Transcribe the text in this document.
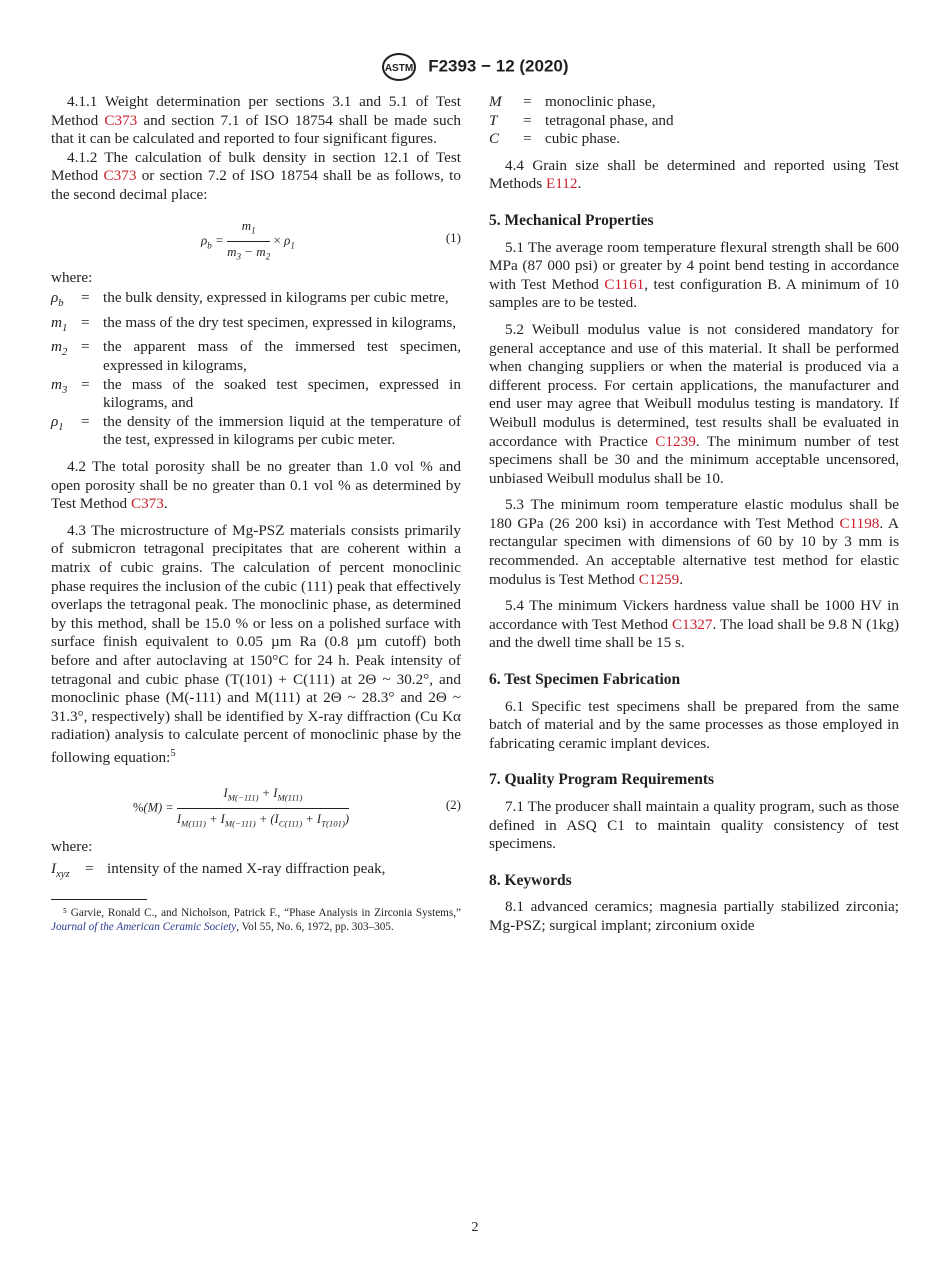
ASTM F2393 − 12 (2020)

4.1.1 Weight determination per sections 3.1 and 5.1 of Test Method C373 and section 7.1 of ISO 18754 shall be made such that it can be calculated and reported to four significant figures.

4.1.2 The calculation of bulk density in section 12.1 of Test Method C373 or section 7.2 of ISO 18754 shall be as follows, to the second decimal place:

$\rho_b = \frac{m_1}{m_3 - m_2} \times \rho_1$
(1)

where:

$\rho_b$	= the bulk density, expressed in kilograms per cubic metre,
$m_1$ = the mass of the dry test specimen, expressed in kilograms,
$m_2$ = the apparent mass of the immersed test specimen, expressed in kilograms,
$m_3$ = the mass of the soaked test specimen, expressed in kilograms, and
$\rho_1$	= the density of the immersion liquid at the temperature of the test, expressed in kilograms per cubic meter.

4.2 The total porosity shall be no greater than 1.0 vol % and open porosity shall be no greater than 0.1 vol % as determined by Test Method C373.

4.3 The microstructure of Mg-PSZ materials consists primarily of submicron tetragonal precipitates that are coherent within a matrix of cubic grains. The calculation of percent monoclinic phase requires the inclusion of the cubic (111) peak that effectively overlaps the tetragonal peak. The monoclinic phase, as determined by this method, shall be 15.0 % or less on a polished surface with surface finish equivalent to 0.05 µm Ra (0.8 µm cutoff) both before and after autoclaving at 150°C for 24 h. Peak intensity of tetragonal and cubic phase (T(101) + C(111) at 2Θ ~ 30.2°, and monoclinic phase (M(-111) and M(111) at 2Θ ~ 28.3° and 2Θ ~ 31.3°, respectively) shall be identified by X-ray diffraction (Cu Kα radiation) analysis to calculate percent of monoclinic phase by the following equation:$^5$

$\%(M) = \frac{I_{M(-111)} + I_{M(111)}}{I_{M(111)} + I_{M(-111)} + (I_{C(111)} + I_{T(101)})}$	(2)

where:

$I_{xyz}$	= intensity of the named X-ray diffraction peak,

⁵ Garvie, Ronald C., and Nicholson, Patrick F., “Phase Analysis in Zirconia Systems,” Journal of the American Ceramic Society, Vol 55, No. 6, 1972, pp. 303–305.

M	= monoclinic phase,
T	= tetragonal phase, and
C	= cubic phase.

4.4 Grain size shall be determined and reported using Test Methods E112.

5. Mechanical Properties

5.1 The average room temperature flexural strength shall be 600 MPa (87 000 psi) or greater by 4 point bend testing in accordance with Test Method C1161, test configuration B. A minimum of 10 samples are to be tested.

5.2 Weibull modulus value is not considered mandatory for general acceptance and use of this material. It shall be performed when changing suppliers or when the material is produced via a different process. For certain applications, the manufacturer and end user may agree that Weibull modulus testing is mandatory. If Weibull modulus is determined, test results shall be evaluated in accordance with Practice C1239. The minimum number of test specimens shall be 30 and the minimum acceptable uncensored, unbiased Weibull modulus shall be 10.

5.3 The minimum room temperature elastic modulus shall be 180 GPa (26 200 ksi) in accordance with Test Method C1198. A rectangular specimen with dimensions of 60 by 10 by 3 mm is recommended. An acceptable alternative test method for elastic modulus is Test Method C1259.

5.4 The minimum Vickers hardness value shall be 1000 HV in accordance with Test Method C1327. The load shall be 9.8 N (1kg) and the dwell time shall be 15 s.

6. Test Specimen Fabrication

6.1 Specific test specimens shall be prepared from the same batch of material and by the same processes as those employed in fabricating ceramic implant devices.

7. Quality Program Requirements

7.1 The producer shall maintain a quality program, such as those defined in ASQ C1 to maintain quality consistency of test specimens.

8. Keywords

8.1 advanced ceramics; magnesia partially stabilized zirconia; Mg-PSZ; surgical implant; zirconium oxide

2
